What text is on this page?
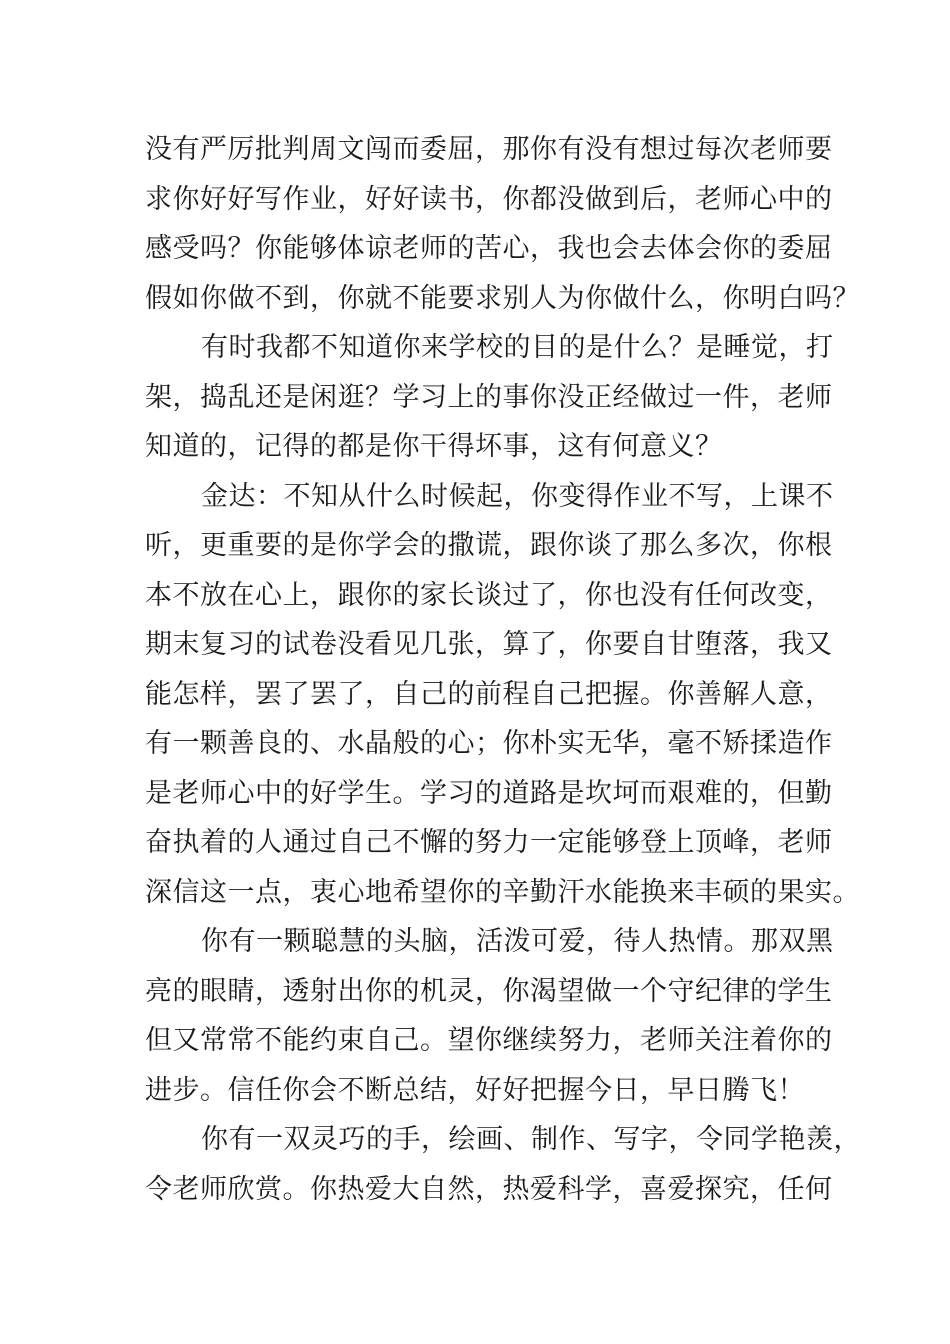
没有严厉批判周文闯而委屈，那你有没有想过每次老师要
求你好好写作业，好好读书，你都没做到后，老师心中的
感受吗？你能够体谅老师的苦心，我也会去体会你的委屈
假如你做不到，你就不能要求别人为你做什么，你明白吗？
有时我都不知道你来学校的目的是什么？是睡觉，打
架，捣乱还是闲逛？学习上的事你没正经做过一件，老师
知道的，记得的都是你干得坏事，这有何意义？
金达：不知从什么时候起，你变得作业不写，上课不
听，更重要的是你学会的撒谎，跟你谈了那么多次，你根
本不放在心上，跟你的家长谈过了，你也没有任何改变，
期末复习的试卷没看见几张，算了，你要自甘堕落，我又
能怎样，罢了罢了，自己的前程自己把握。你善解人意，
有一颗善良的、水晶般的心；你朴实无华，毫不矫揉造作
是老师心中的好学生。学习的道路是坎坷而艰难的，但勤
奋执着的人通过自己不懈的努力一定能够登上顶峰，老师
深信这一点，衷心地希望你的辛勤汗水能换来丰硕的果实。
你有一颗聪慧的头脑，活泼可爱，待人热情。那双黑
亮的眼睛，透射出你的机灵，你渴望做一个守纪律的学生
但又常常不能约束自己。望你继续努力，老师关注着你的
进步。信任你会不断总结，好好把握今日，早日腾飞！
你有一双灵巧的手，绘画、制作、写字，令同学艳羡，
令老师欣赏。你热爱大自然，热爱科学，喜爱探究，任何
